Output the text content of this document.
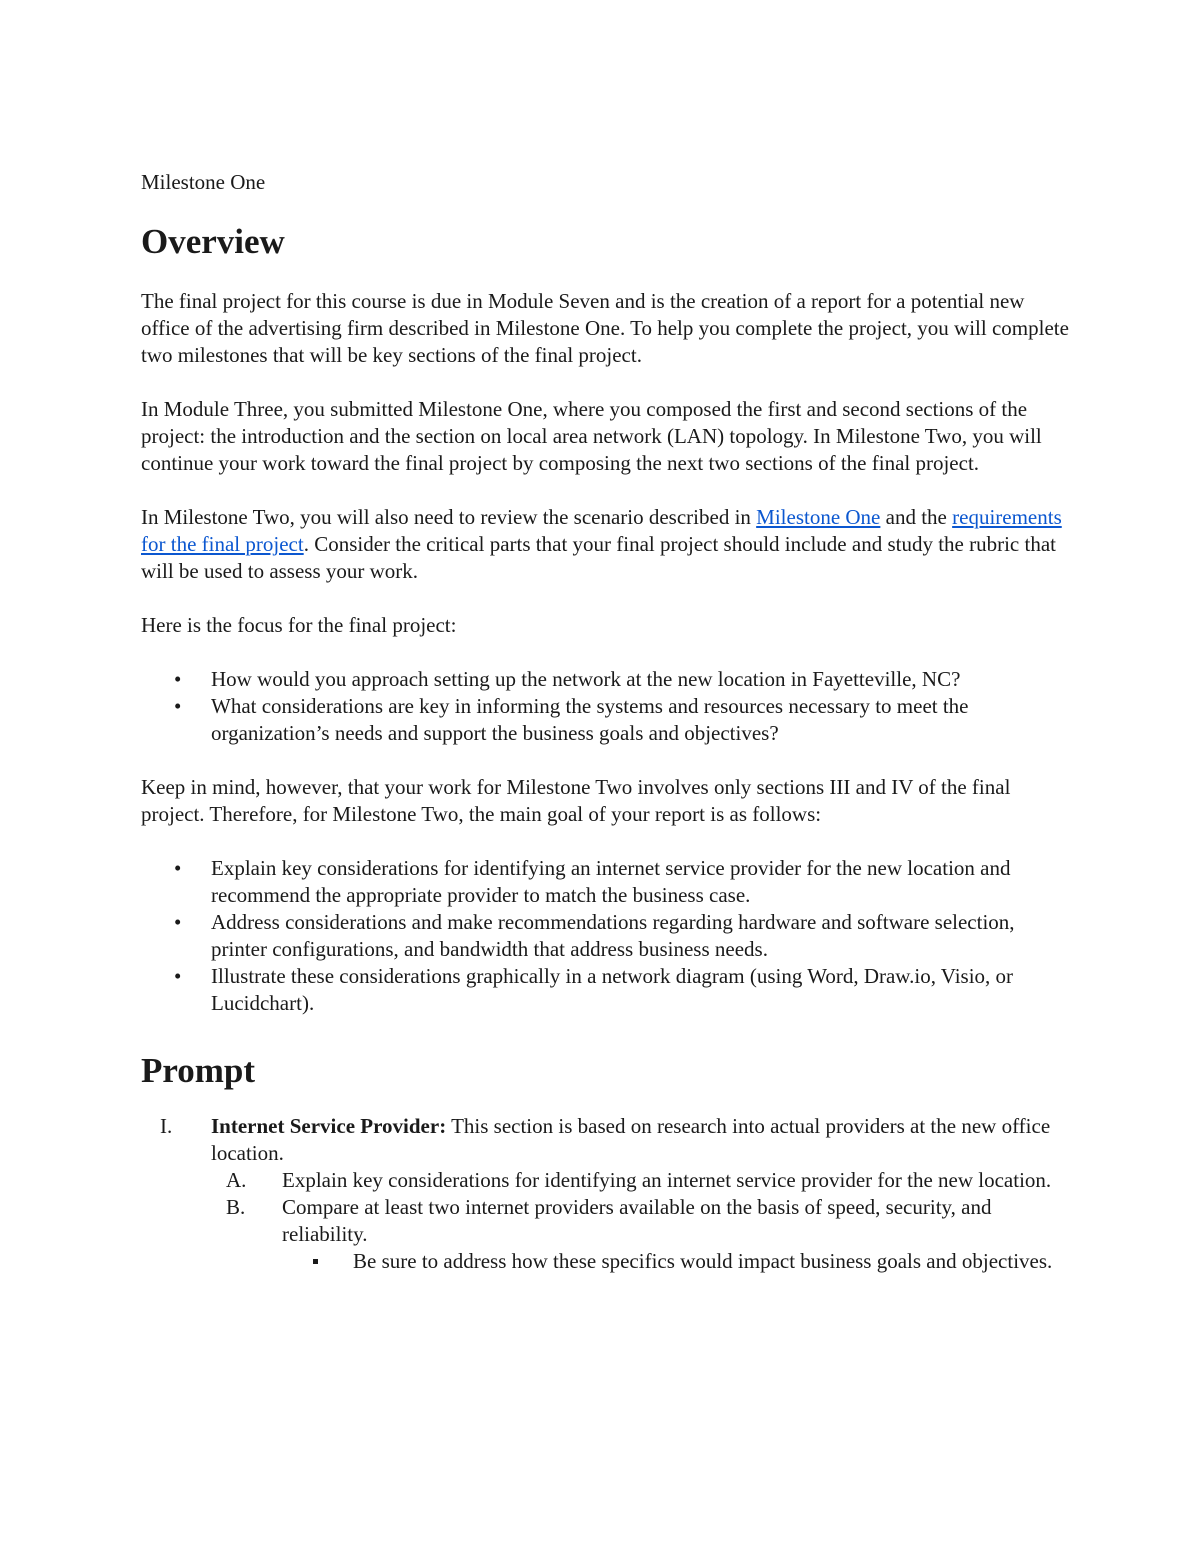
Milestone One

Overview

The final project for this course is due in Module Seven and is the creation of a report for a potential new office of the advertising firm described in Milestone One. To help you complete the project, you will complete two milestones that will be key sections of the final project.

In Module Three, you submitted Milestone One, where you composed the first and second sections of the project: the introduction and the section on local area network (LAN) topology. In Milestone Two, you will continue your work toward the final project by composing the next two sections of the final project.

In Milestone Two, you will also need to review the scenario described in Milestone One and the requirements for the final project. Consider the critical parts that your final project should include and study the rubric that will be used to assess your work.

Here is the focus for the final project:

• How would you approach setting up the network at the new location in Fayetteville, NC?
• What considerations are key in informing the systems and resources necessary to meet the organization’s needs and support the business goals and objectives?

Keep in mind, however, that your work for Milestone Two involves only sections III and IV of the final project. Therefore, for Milestone Two, the main goal of your report is as follows:

• Explain key considerations for identifying an internet service provider for the new location and recommend the appropriate provider to match the business case.
• Address considerations and make recommendations regarding hardware and software selection, printer configurations, and bandwidth that address business needs.
• Illustrate these considerations graphically in a network diagram (using Word, Draw.io, Visio, or Lucidchart).
Prompt
I. Internet Service Provider: This section is based on research into actual providers at the new office location.
A. Explain key considerations for identifying an internet service provider for the new location.
B. Compare at least two internet providers available on the basis of speed, security, and reliability.
Be sure to address how these specifics would impact business goals and objectives.
